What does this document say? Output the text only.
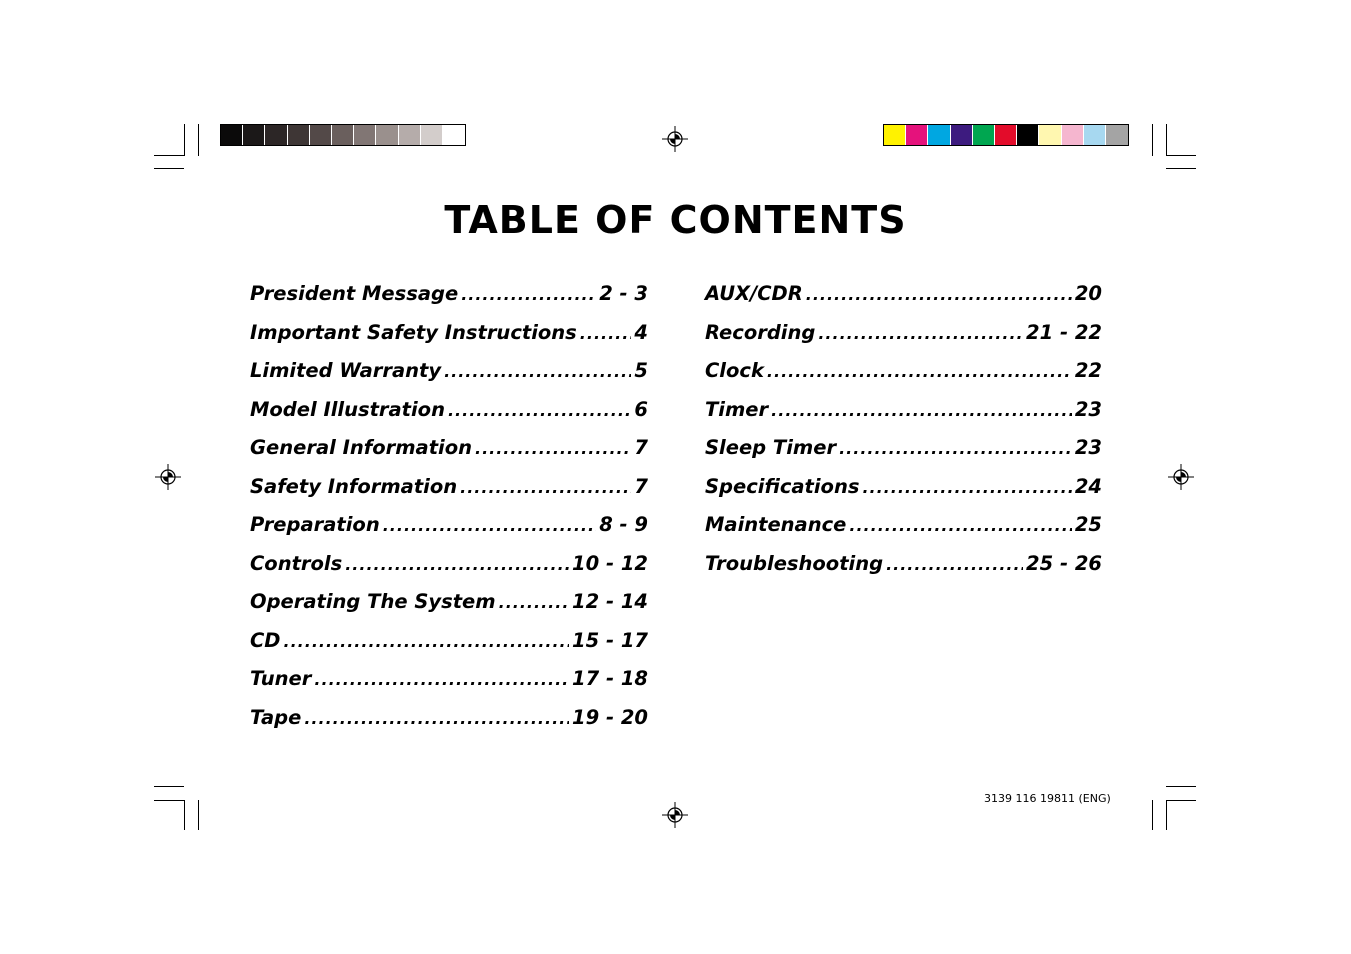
TABLE OF CONTENTS
President Message .....	2 - 3
Important Safety Instructions .....	4
Limited Warranty .....	5
Model Illustration .....	6
General Information .....	7
Safety Information .....	7
Preparation .....	8 - 9
Controls .....	10 - 12
Operating The System .....	12 - 14
CD .....	15 - 17
Tuner .....	17 - 18
Tape .....	19 - 20
AUX/CDR .....	20
Recording .....	21 - 22
Clock .....	22
Timer .....	23
Sleep Timer .....	23
Specifications .....	24
Maintenance .....	25
Troubleshooting .....	25 - 26
3139 116 19811 (ENG)
